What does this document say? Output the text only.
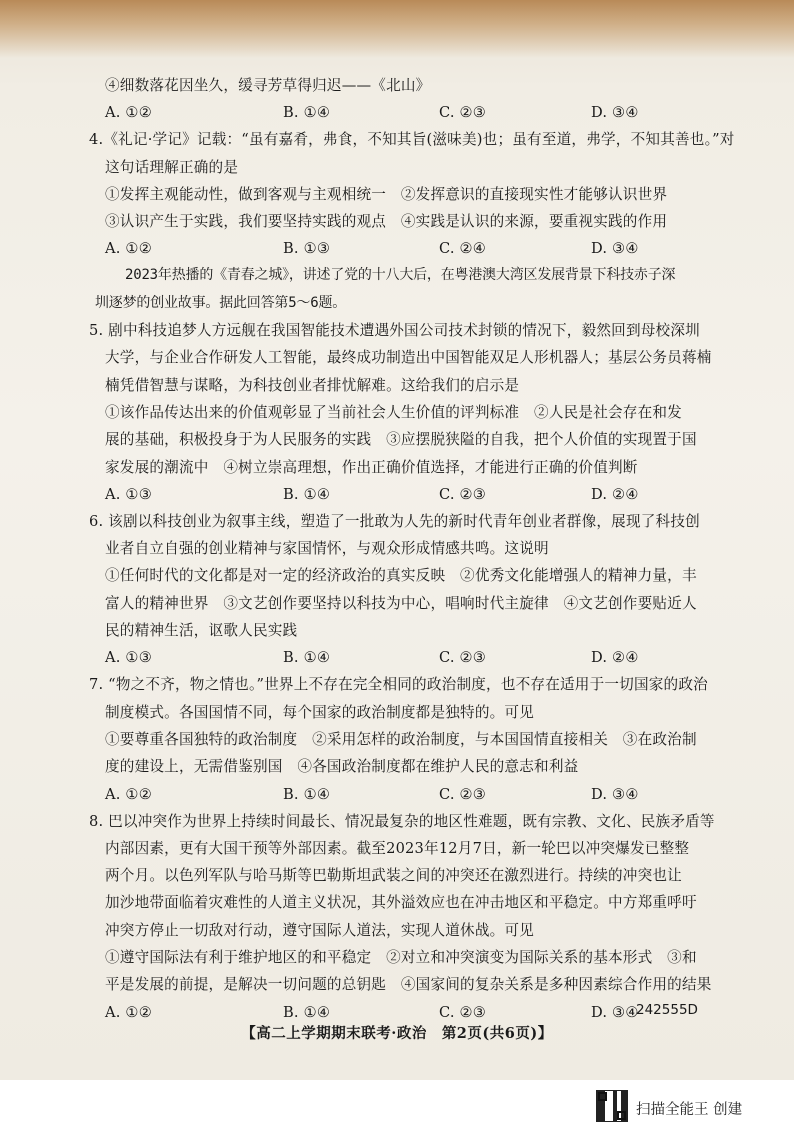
④细数落花因坐久，缓寻芳草得归迟——《北山》
A. ①②	B. ①④	C. ②③	D. ③④
4.《礼记·学记》记载：“虽有嘉肴，弗食，不知其旨(滋味美)也；虽有至道，弗学，不知其善也。”对
这句话理解正确的是
①发挥主观能动性，做到客观与主观相统一　②发挥意识的直接现实性才能够认识世界
③认识产生于实践，我们要坚持实践的观点　④实践是认识的来源，要重视实践的作用
A. ①②	B. ①③	C. ②④	D. ③④
2023年热播的《青春之城》，讲述了党的十八大后，在粤港澳大湾区发展背景下科技赤子深
圳逐梦的创业故事。据此回答第5～6题。
5. 剧中科技追梦人方远舰在我国智能技术遭遇外国公司技术封锁的情况下，毅然回到母校深圳
大学，与企业合作研发人工智能，最终成功制造出中国智能双足人形机器人；基层公务员蒋楠
楠凭借智慧与谋略，为科技创业者排忧解难。这给我们的启示是
①该作品传达出来的价值观彰显了当前社会人生价值的评判标准　②人民是社会存在和发
展的基础，积极投身于为人民服务的实践　③应摆脱狭隘的自我，把个人价值的实现置于国
家发展的潮流中　④树立崇高理想，作出正确价值选择，才能进行正确的价值判断
A. ①③	B. ①④	C. ②③	D. ②④
6. 该剧以科技创业为叙事主线，塑造了一批敢为人先的新时代青年创业者群像，展现了科技创
业者自立自强的创业精神与家国情怀，与观众形成情感共鸣。这说明
①任何时代的文化都是对一定的经济政治的真实反映　②优秀文化能增强人的精神力量，丰
富人的精神世界　③文艺创作要坚持以科技为中心，唱响时代主旋律　④文艺创作要贴近人
民的精神生活，讴歌人民实践
A. ①③	B. ①④	C. ②③	D. ②④
7. “物之不齐，物之情也。”世界上不存在完全相同的政治制度，也不存在适用于一切国家的政治
制度模式。各国国情不同，每个国家的政治制度都是独特的。可见
①要尊重各国独特的政治制度　②采用怎样的政治制度，与本国国情直接相关　③在政治制
度的建设上，无需借鉴别国　④各国政治制度都在维护人民的意志和利益
A. ①②	B. ①④	C. ②③	D. ③④
8. 巴以冲突作为世界上持续时间最长、情况最复杂的地区性难题，既有宗教、文化、民族矛盾等
内部因素，更有大国干预等外部因素。截至2023年12月7日，新一轮巴以冲突爆发已整整
两个月。以色列军队与哈马斯等巴勒斯坦武装之间的冲突还在激烈进行。持续的冲突也让
加沙地带面临着灾难性的人道主义状况，其外溢效应也在冲击地区和平稳定。中方郑重呼吁
冲突方停止一切敌对行动，遵守国际人道法，实现人道休战。可见
①遵守国际法有利于维护地区的和平稳定　②对立和冲突演变为国际关系的基本形式　③和
平是发展的前提，是解决一切问题的总钥匙　④国家间的复杂关系是多种因素综合作用的结果
A. ①②	B. ①④	C. ②③	D. ③④
242555D
【高二上学期期末联考·政治　第2页(共6页)】
扫描全能王 创建
